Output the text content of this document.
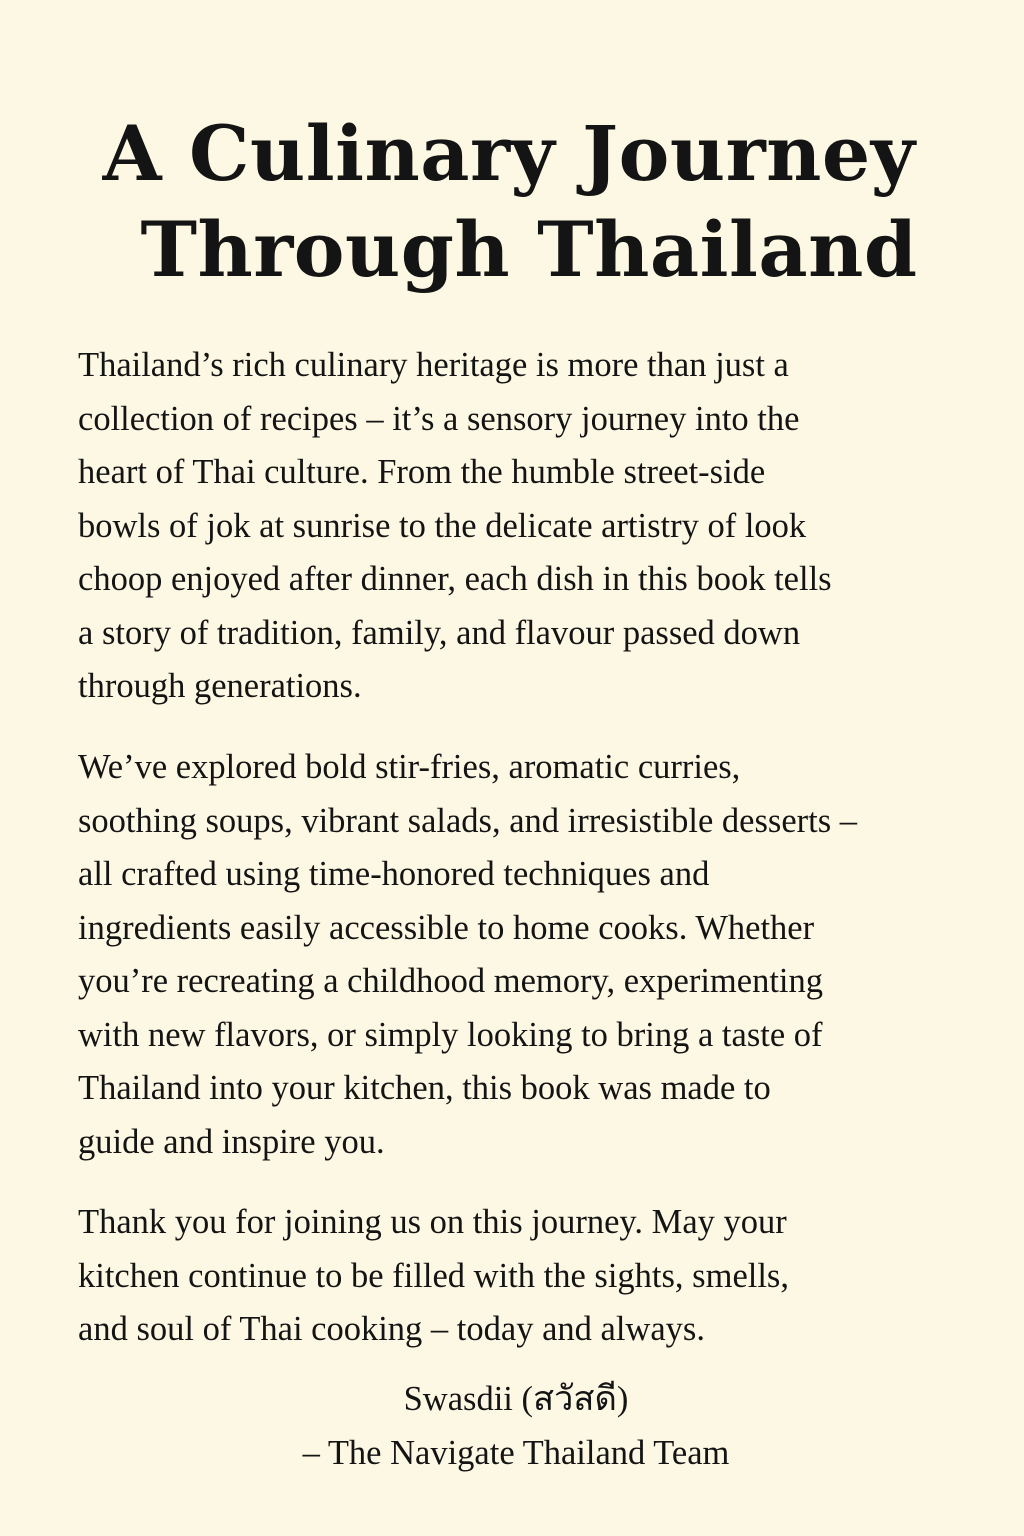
A Culinary Journey
Through Thailand

Thailand’s rich culinary heritage is more than just a
collection of recipes – it’s a sensory journey into the
heart of Thai culture. From the humble street-side
bowls of jok at sunrise to the delicate artistry of look
choop enjoyed after dinner, each dish in this book tells
a story of tradition, family, and flavour passed down
through generations.

We’ve explored bold stir-fries, aromatic curries,
soothing soups, vibrant salads, and irresistible desserts –
all crafted using time-honored techniques and
ingredients easily accessible to home cooks. Whether
you’re recreating a childhood memory, experimenting
with new flavors, or simply looking to bring a taste of
Thailand into your kitchen, this book was made to
guide and inspire you.

Thank you for joining us on this journey. May your
kitchen continue to be filled with the sights, smells,
and soul of Thai cooking – today and always.

Swasdii (สวัสดี)
– The Navigate Thailand Team
